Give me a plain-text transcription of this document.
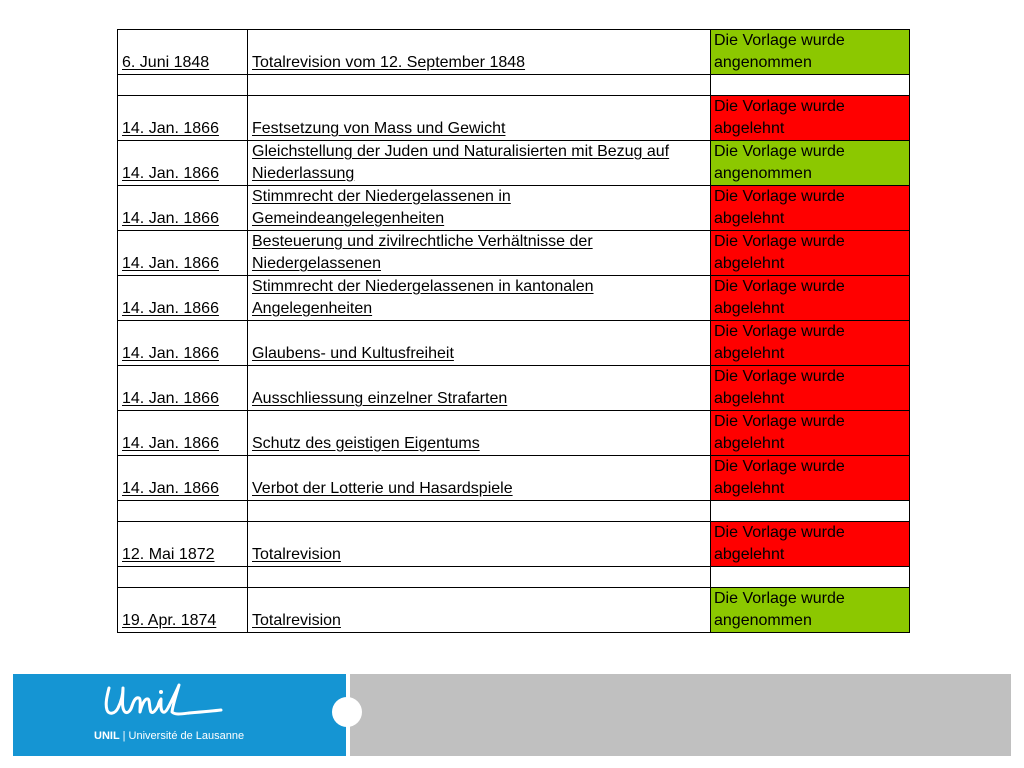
6. Juni 1848	Totalrevision vom 12. September 1848	Die Vorlage wurde angenommen

14. Jan. 1866	Festsetzung von Mass und Gewicht	Die Vorlage wurde abgelehnt
14. Jan. 1866	Gleichstellung der Juden und Naturalisierten mit Bezug auf Niederlassung	Die Vorlage wurde angenommen
14. Jan. 1866	Stimmrecht der Niedergelassenen in Gemeindeangelegenheiten	Die Vorlage wurde abgelehnt
14. Jan. 1866	Besteuerung und zivilrechtliche Verhältnisse der Niedergelassenen	Die Vorlage wurde abgelehnt
14. Jan. 1866	Stimmrecht der Niedergelassenen in kantonalen Angelegenheiten	Die Vorlage wurde abgelehnt
14. Jan. 1866	Glaubens- und Kultusfreiheit	Die Vorlage wurde abgelehnt
14. Jan. 1866	Ausschliessung einzelner Strafarten	Die Vorlage wurde abgelehnt
14. Jan. 1866	Schutz des geistigen Eigentums	Die Vorlage wurde abgelehnt
14. Jan. 1866	Verbot der Lotterie und Hasardspiele	Die Vorlage wurde abgelehnt

12. Mai 1872	Totalrevision	Die Vorlage wurde abgelehnt

19. Apr. 1874	Totalrevision	Die Vorlage wurde angenommen
UNIL | Université de Lausanne
